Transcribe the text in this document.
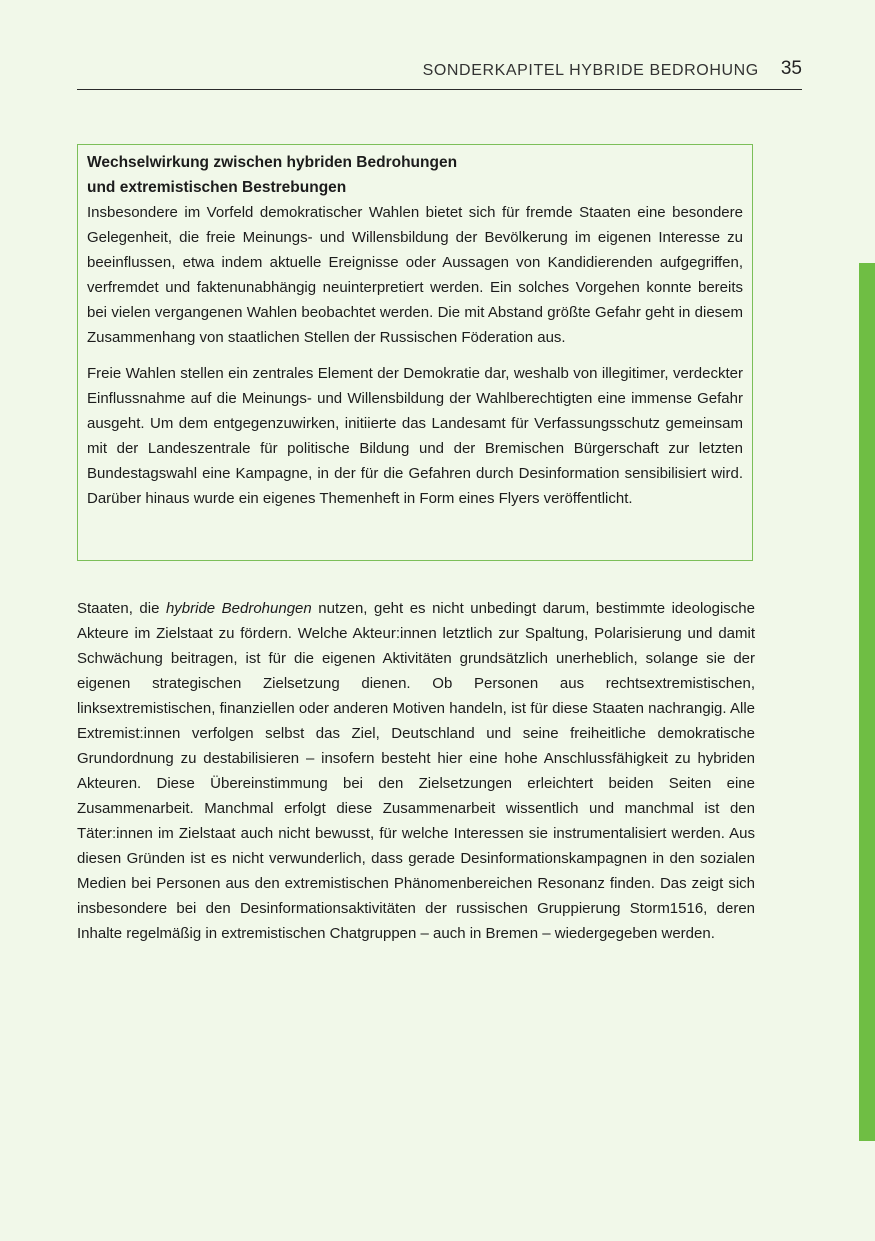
SONDERKAPITEL HYBRIDE BEDROHUNG 35

Wechselwirkung zwischen hybriden Bedrohungen
und extremistischen Bestrebungen

Insbesondere im Vorfeld demokratischer Wahlen bietet sich für fremde Staaten eine besondere Gelegenheit, die freie Meinungs- und Willensbildung der Bevölkerung im eigenen Interesse zu beeinflussen, etwa indem aktuelle Ereignisse oder Aussagen von Kandidierenden aufgegriffen, verfremdet und faktenunabhängig neuinterpretiert werden. Ein solches Vorgehen konnte bereits bei vielen vergangenen Wahlen beobachtet werden. Die mit Abstand größte Gefahr geht in diesem Zusammenhang von staatlichen Stellen der Russischen Föderation aus.

Freie Wahlen stellen ein zentrales Element der Demokratie dar, weshalb von illegitimer, verdeckter Einflussnahme auf die Meinungs- und Willensbildung der Wahlberechtigten eine immense Gefahr ausgeht. Um dem entgegenzuwirken, initiierte das Landesamt für Verfassungsschutz gemeinsam mit der Landeszentrale für politische Bildung und der Bremischen Bürgerschaft zur letzten Bundestagswahl eine Kampagne, in der für die Gefahren durch Desinformation sensibilisiert wird. Darüber hinaus wurde ein eigenes Themenheft in Form eines Flyers veröffentlicht.

Staaten, die hybride Bedrohungen nutzen, geht es nicht unbedingt darum, bestimmte ideologische Akteure im Zielstaat zu fördern. Welche Akteur:innen letztlich zur Spaltung, Polarisierung und damit Schwächung beitragen, ist für die eigenen Aktivitäten grundsätzlich unerheblich, solange sie der eigenen strategischen Zielsetzung dienen. Ob Personen aus rechtsextremistischen, linksextremistischen, finanziellen oder anderen Motiven handeln, ist für diese Staaten nachrangig. Alle Extremist:innen verfolgen selbst das Ziel, Deutschland und seine freiheitliche demokratische Grundordnung zu destabilisieren – insofern besteht hier eine hohe Anschlussfähigkeit zu hybriden Akteuren. Diese Übereinstimmung bei den Zielsetzungen erleichtert beiden Seiten eine Zusammenarbeit. Manchmal erfolgt diese Zusammenarbeit wissentlich und manchmal ist den Täter:innen im Zielstaat auch nicht bewusst, für welche Interessen sie instrumentalisiert werden. Aus diesen Gründen ist es nicht verwunderlich, dass gerade Desinformationskampagnen in den sozialen Medien bei Personen aus den extremistischen Phänomenbereichen Resonanz finden. Das zeigt sich insbesondere bei den Desinformationsaktivitäten der russischen Gruppierung Storm1516, deren Inhalte regelmäßig in extremistischen Chatgruppen – auch in Bremen – wiedergegeben werden.
